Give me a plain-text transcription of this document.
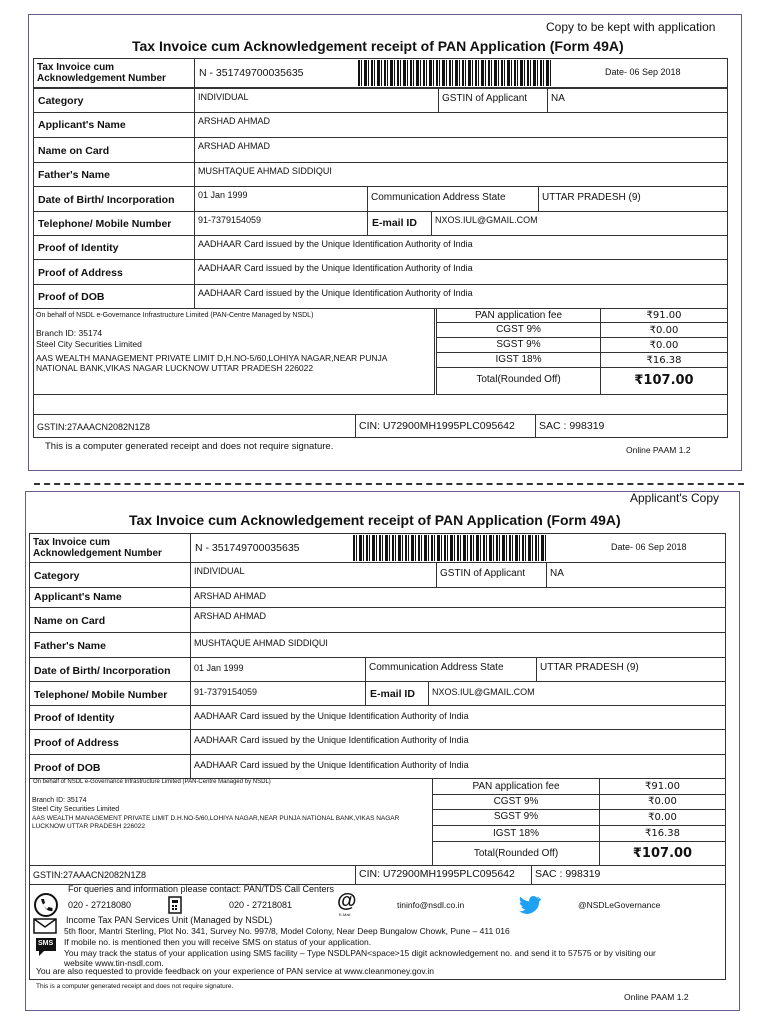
Copy to be kept with application
Tax Invoice cum Acknowledgement receipt of PAN Application (Form 49A)
Tax Invoice cum Acknowledgement Number	N - 351749700035635	Date- 06 Sep 2018
Category	INDIVIDUAL	GSTIN of Applicant	NA
Applicant's Name	ARSHAD AHMAD
Name on Card	ARSHAD AHMAD
Father's Name	MUSHTAQUE AHMAD SIDDIQUI
Date of Birth/ Incorporation	01 Jan 1999	Communication Address State	UTTAR PRADESH (9)
Telephone/ Mobile Number	91-7379154059	E-mail ID	NXOS.IUL@GMAIL.COM
Proof of Identity	AADHAAR Card issued by the Unique Identification Authority of India
Proof of Address	AADHAAR Card issued by the Unique Identification Authority of India
Proof of DOB	AADHAAR Card issued by the Unique Identification Authority of India
On behalf of NSDL e-Governance Infrastructure Limited (PAN-Centre Managed by NSDL)
Branch ID: 35174
Steel City Securities Limited
AAS WEALTH MANAGEMENT PRIVATE LIMIT D,H.NO-5/60,LOHIYA NAGAR,NEAR PUNJA
NATIONAL BANK,VIKAS NAGAR LUCKNOW UTTAR PRADESH 226022
PAN application fee	₹91.00
CGST 9%	₹0.00
SGST 9%	₹0.00
IGST 18%	₹16.38
Total(Rounded Off)	₹107.00
GSTIN:27AAACN2082N1Z8	CIN: U72900MH1995PLC095642	SAC : 998319
This is a computer generated receipt and does not require signature.	Online PAAM 1.2
Applicant's Copy
Tax Invoice cum Acknowledgement receipt of PAN Application (Form 49A)
Tax Invoice cum Acknowledgement Number	N - 351749700035635	Date- 06 Sep 2018
Category	INDIVIDUAL	GSTIN of Applicant	NA
Applicant's Name	ARSHAD AHMAD
Name on Card	ARSHAD AHMAD
Father's Name	MUSHTAQUE AHMAD SIDDIQUI
Date of Birth/ Incorporation	01 Jan 1999	Communication Address State	UTTAR PRADESH (9)
Telephone/ Mobile Number	91-7379154059	E-mail ID	NXOS.IUL@GMAIL.COM
Proof of Identity	AADHAAR Card issued by the Unique Identification Authority of India
Proof of Address	AADHAAR Card issued by the Unique Identification Authority of India
Proof of DOB	AADHAAR Card issued by the Unique Identification Authority of India
On behalf of NSDL e-Governance Infrastructure Limited (PAN-Centre Managed by NSDL)
Branch ID: 35174
Steel City Securities Limited
AAS WEALTH MANAGEMENT PRIVATE LIMIT D.H.NO-5/60,LOHIYA NAGAR,NEAR PUNJA NATIONAL BANK,VIKAS NAGAR
LUCKNOW UTTAR PRADESH 226022
PAN application fee	₹91.00
CGST 9%	₹0.00
SGST 9%	₹0.00
IGST 18%	₹16.38
Total(Rounded Off)	₹107.00
GSTIN:27AAACN2082N1Z8	CIN: U72900MH1995PLC095642	SAC : 998319
For queries and information please contact: PAN/TDS Call Centers
020 - 27218080	020 - 27218081 @
E-Mail
tininfo@nsdl.co.in	@NSDLeGovernance
Income Tax PAN Services Unit (Managed by NSDL)
5th floor, Mantri Sterling, Plot No. 341, Survey No. 997/8, Model Colony, Near Deep Bungalow Chowk, Pune – 411 016
SMS If mobile no. is mentioned then you will receive SMS on status of your application.
You may track the status of your application using SMS facility – Type NSDLPAN<space>15 digit acknowledgement no. and send it to 57575 or by visiting our
website www.tin-nsdl.com.
You are also requested to provide feedback on your experience of PAN service at www.cleanmoney.gov.in
This is a computer generated receipt and does not require signature.
Online PAAM 1.2
